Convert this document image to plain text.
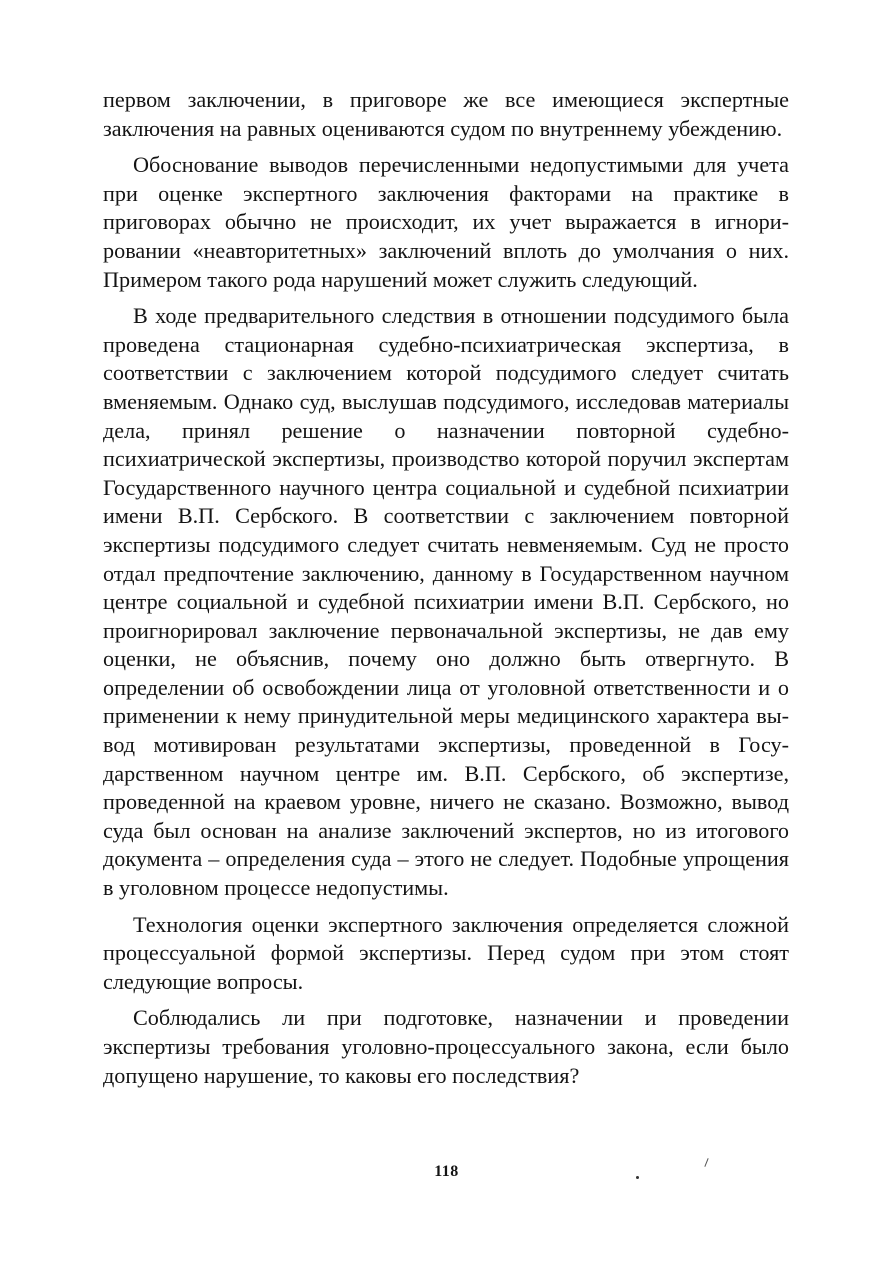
первом заключении, в приговоре же все имеющиеся экспертные заключения на равных оцениваются судом по внутреннему убеждению.

Обоснование выводов перечисленными недопустимыми для учета при оценке экспертного заключения факторами на практике в приговорах обычно не происходит, их учет выражается в игнорировании «неавторитетных» заключений вплоть до умолчания о них. Примером такого рода нарушений может служить следующий.

В ходе предварительного следствия в отношении подсудимого была проведена стационарная судебно-психиатрическая экспертиза, в соответствии с заключением которой подсудимого следует считать вменяемым. Однако суд, выслушав подсудимого, исследовав материалы дела, принял решение о назначении повторной судебно-психиатрической экспертизы, производство которой поручил экспертам Государственного научного центра социальной и судебной психиатрии имени В.П. Сербского. В соответствии с заключением повторной экспертизы подсудимого следует считать невменяемым. Суд не просто отдал предпочтение заключению, данному в Государственном научном центре социальной и судебной психиатрии имени В.П. Сербского, но проигнорировал заключение первоначальной экспертизы, не дав ему оценки, не объяснив, почему оно должно быть отвергнуто. В определении об освобождении лица от уголовной ответственности и о применении к нему принудительной меры медицинского характера вывод мотивирован результатами экспертизы, проведенной в Государственном научном центре им. В.П. Сербского, об экспертизе, проведенной на краевом уровне, ничего не сказано. Возможно, вывод суда был основан на анализе заключений экспертов, но из итогового документа – определения суда – этого не следует. Подобные упрощения в уголовном процессе недопустимы.

Технология оценки экспертного заключения определяется сложной процессуальной формой экспертизы. Перед судом при этом стоят следующие вопросы.

Соблюдались ли при подготовке, назначении и проведении экспертизы требования уголовно-процессуального закона, если было допущено нарушение, то каковы его последствия?

118
